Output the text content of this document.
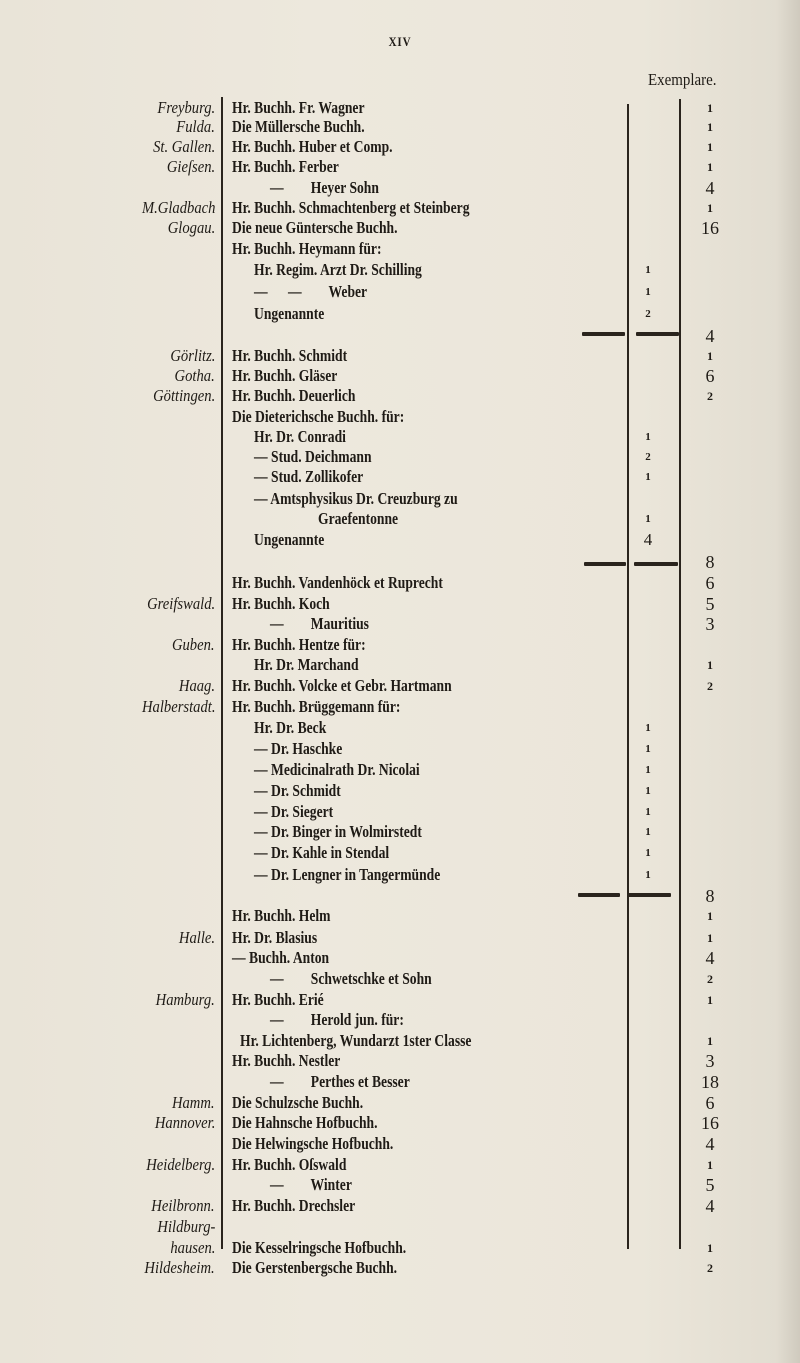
XIV
Exemplare.
Freyburg. Hr. Buchh. Fr. Wagner	1
Fulda. Die Müllersche Buchh.	1
St. Gallen. Hr. Buchh. Huber et Comp.	1
Gieſsen. Hr. Buchh. Ferber	1
—        Heyer Sohn	4
M.Gladbach Hr. Buchh. Schmachtenberg et Steinberg	1
Glogau. Die neue Güntersche Buchh.	16
Hr. Buchh. Heymann für:
Hr. Regim. Arzt Dr. Schilling	1
—      —        Weber	1
Ungenannte	2
4
Görlitz. Hr. Buchh. Schmidt	1
Gotha. Hr. Buchh. Gläser	6
Göttingen. Hr. Buchh. Deuerlich	2
Die Dieterichsche Buchh. für:
Hr. Dr. Conradi	1
— Stud. Deichmann	2
— Stud. Zollikofer	1
— Amtsphysikus Dr. Creuzburg zu
Graefentonne	1
Ungenannte	4
8
Hr. Buchh. Vandenhöck et Ruprecht	6
Greifswald. Hr. Buchh. Koch	5
—        Mauritius	3
Guben. Hr. Buchh. Hentze für:
Hr. Dr. Marchand	1
Haag. Hr. Buchh. Volcke et Gebr. Hartmann	2
Halberstadt. Hr. Buchh. Brüggemann für:
Hr. Dr. Beck	1
— Dr. Haschke	1
— Medicinalrath Dr. Nicolai	1
— Dr. Schmidt	1
— Dr. Siegert	1
— Dr. Binger in Wolmirstedt	1
— Dr. Kahle in Stendal	1
— Dr. Lengner in Tangermünde	1
8
Hr. Buchh. Helm	1
Halle. Hr. Dr. Blasius	1
— Buchh. Anton	4
—        Schwetschke et Sohn	2
Hamburg. Hr. Buchh. Erié	1
—        Herold jun. für:
Hr. Lichtenberg, Wundarzt 1ster Classe	1
Hr. Buchh. Nestler	3
—        Perthes et Besser	18
Hamm. Die Schulzsche Buchh.	6
Hannover. Die Hahnsche Hofbuchh.	16
Die Helwingsche Hofbuchh.	4
Heidelberg. Hr. Buchh. Oſswald	1
—        Winter	5
Heilbronn. Hr. Buchh. Drechsler	4
Hildburg-
hausen. Die Kesselringsche Hofbuchh.	1
Hildesheim. Die Gerstenbergsche Buchh.	2
